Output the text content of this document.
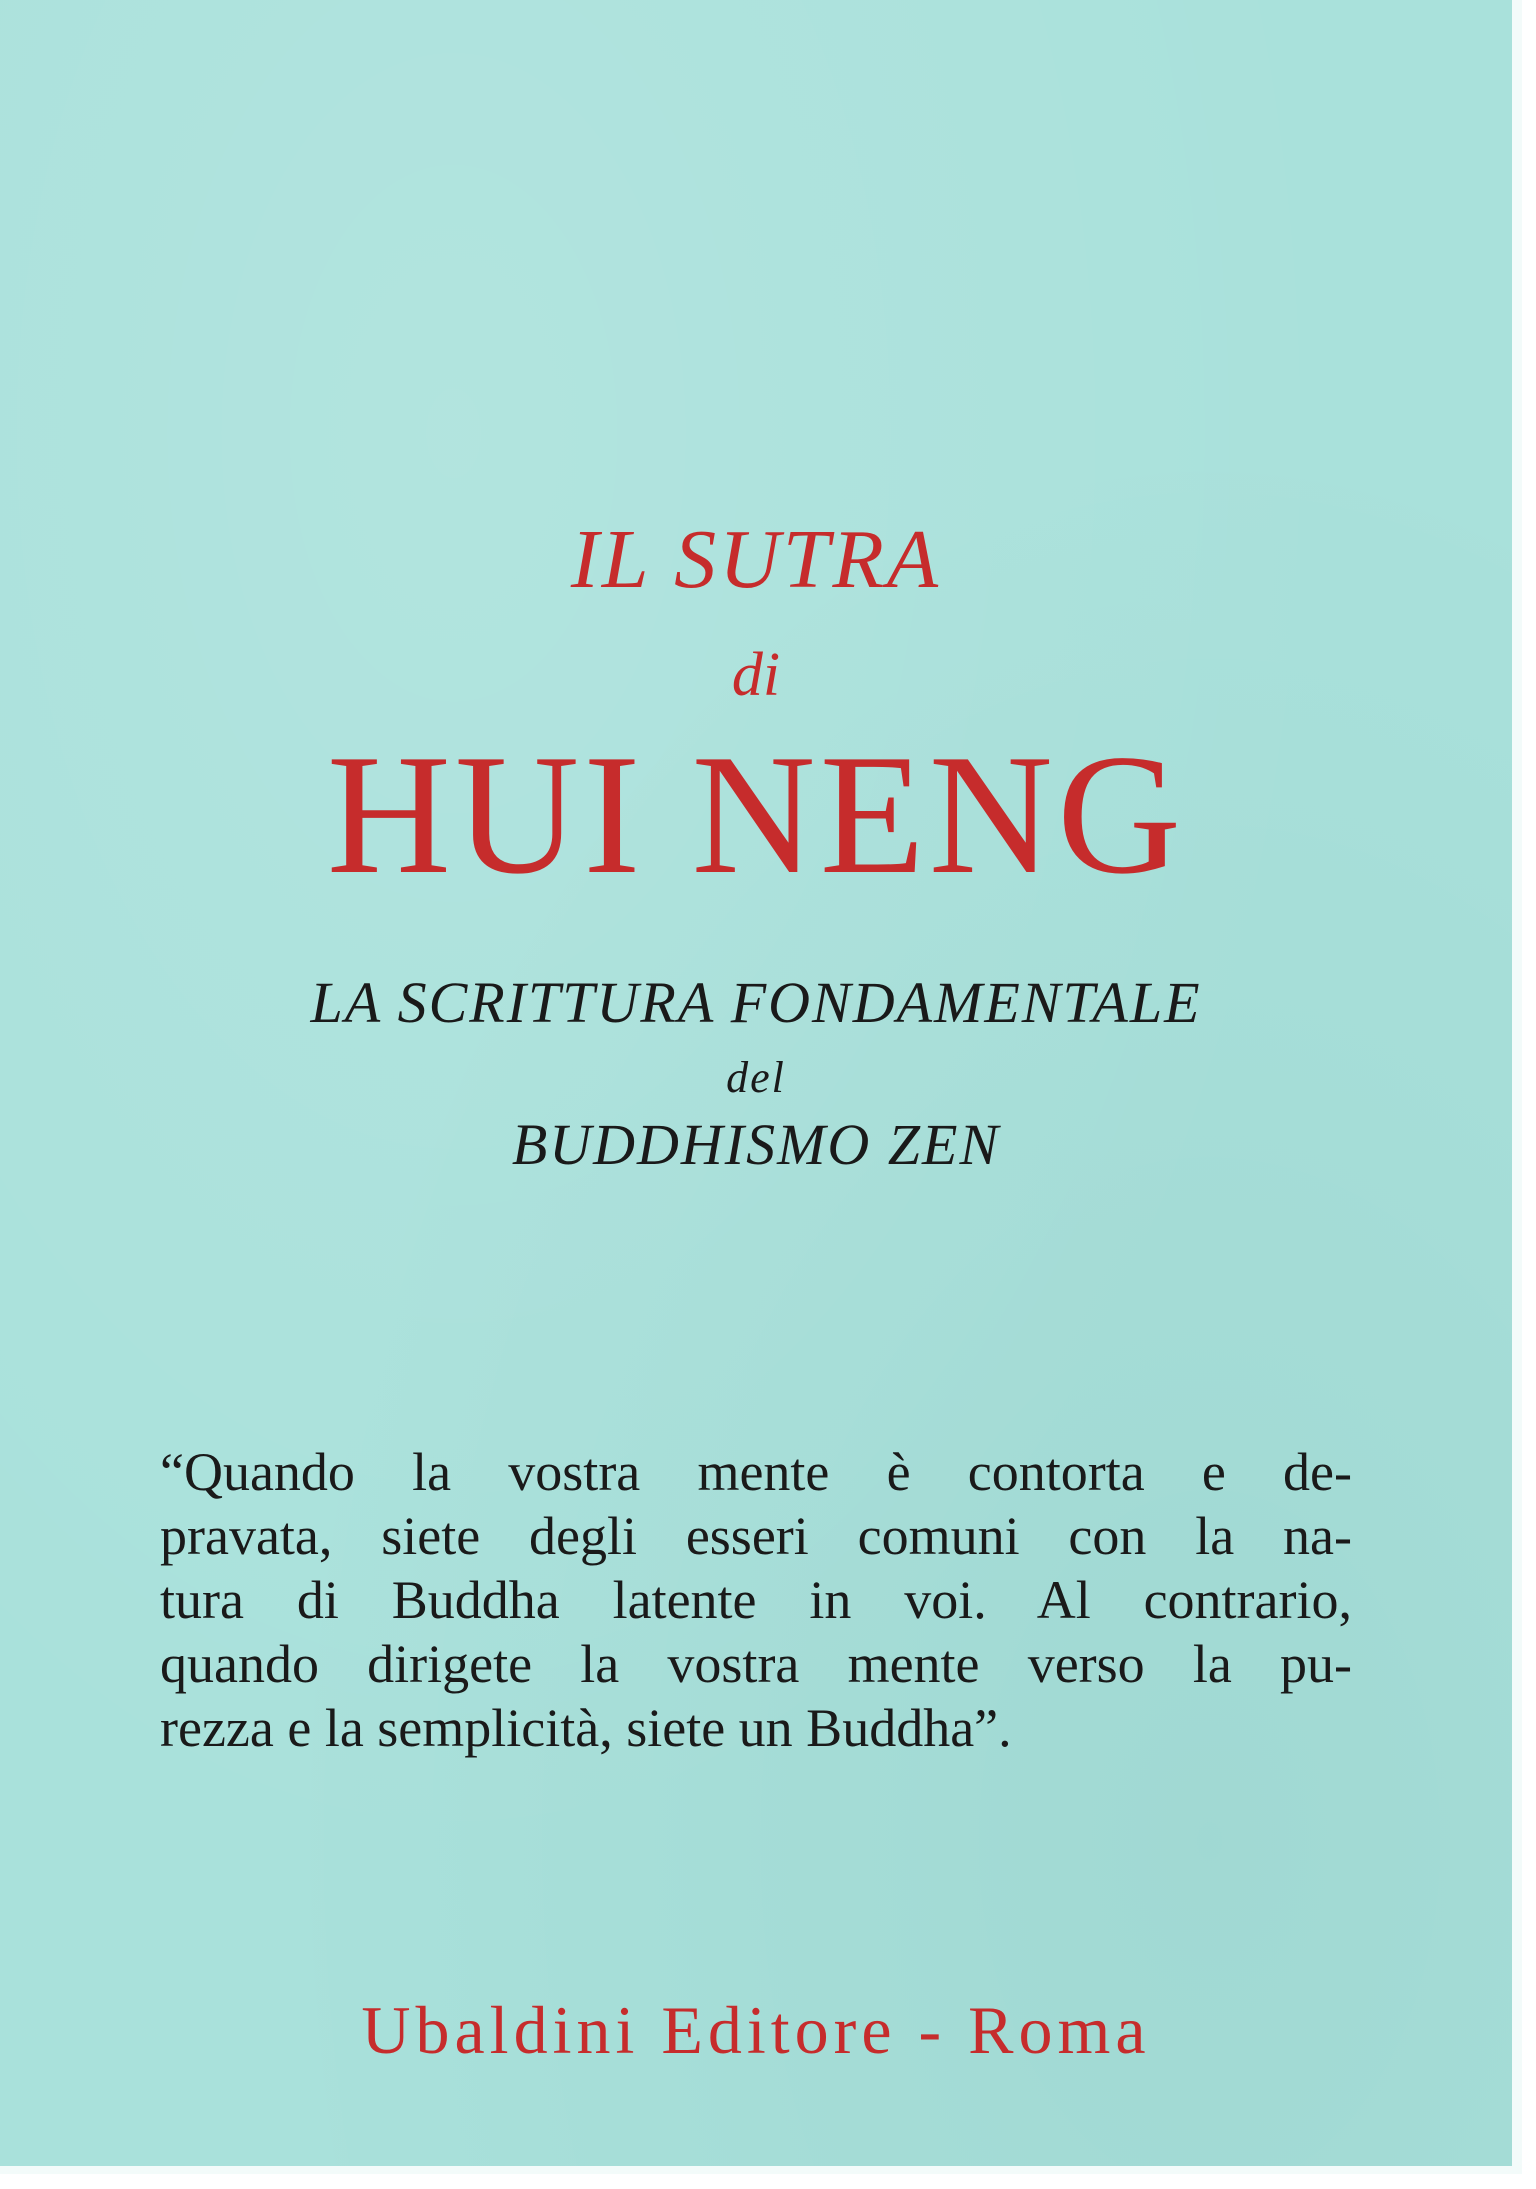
IL SUTRA

di

HUI NENG

LA SCRITTURA FONDAMENTALE

del

BUDDHISMO ZEN

“Quando la vostra mente è contorta e de-
pravata, siete degli esseri comuni con la na-
tura di Buddha latente in voi. Al contrario,
quando dirigete la vostra mente verso la pu-
rezza e la semplicità, siete un Buddha”.

Ubaldini Editore - Roma
